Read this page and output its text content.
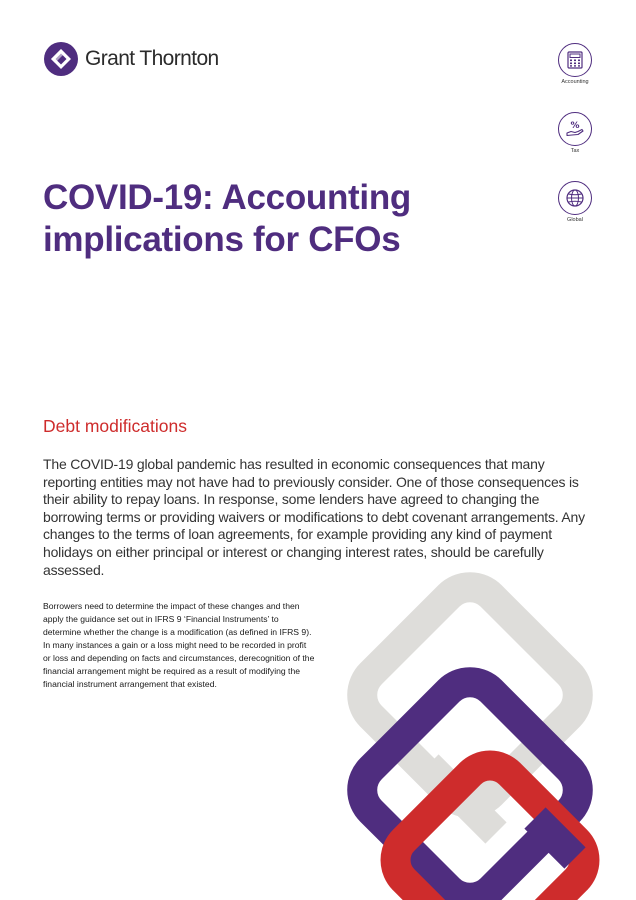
Grant Thornton
Accounting
%
Tax
Global
COVID-19: Accounting
implications for CFOs
Debt modifications

The COVID-19 global pandemic has resulted in economic consequences that many reporting entities may not have had to previously consider. One of those consequences is their ability to repay loans. In response, some lenders have agreed to changing the borrowing terms or providing waivers or modifications to debt covenant arrangements. Any changes to the terms of loan agreements, for example providing any kind of payment holidays on either principal or interest or changing interest rates, should be carefully assessed.

Borrowers need to determine the impact of these changes and then apply the guidance set out in IFRS 9 ‘Financial Instruments’ to determine whether the change is a modification (as defined in IFRS 9). In many instances a gain or a loss might need to be recorded in profit or loss and depending on facts and circumstances, derecognition of the financial arrangement might be required as a result of modifying the financial instrument arrangement that existed.
